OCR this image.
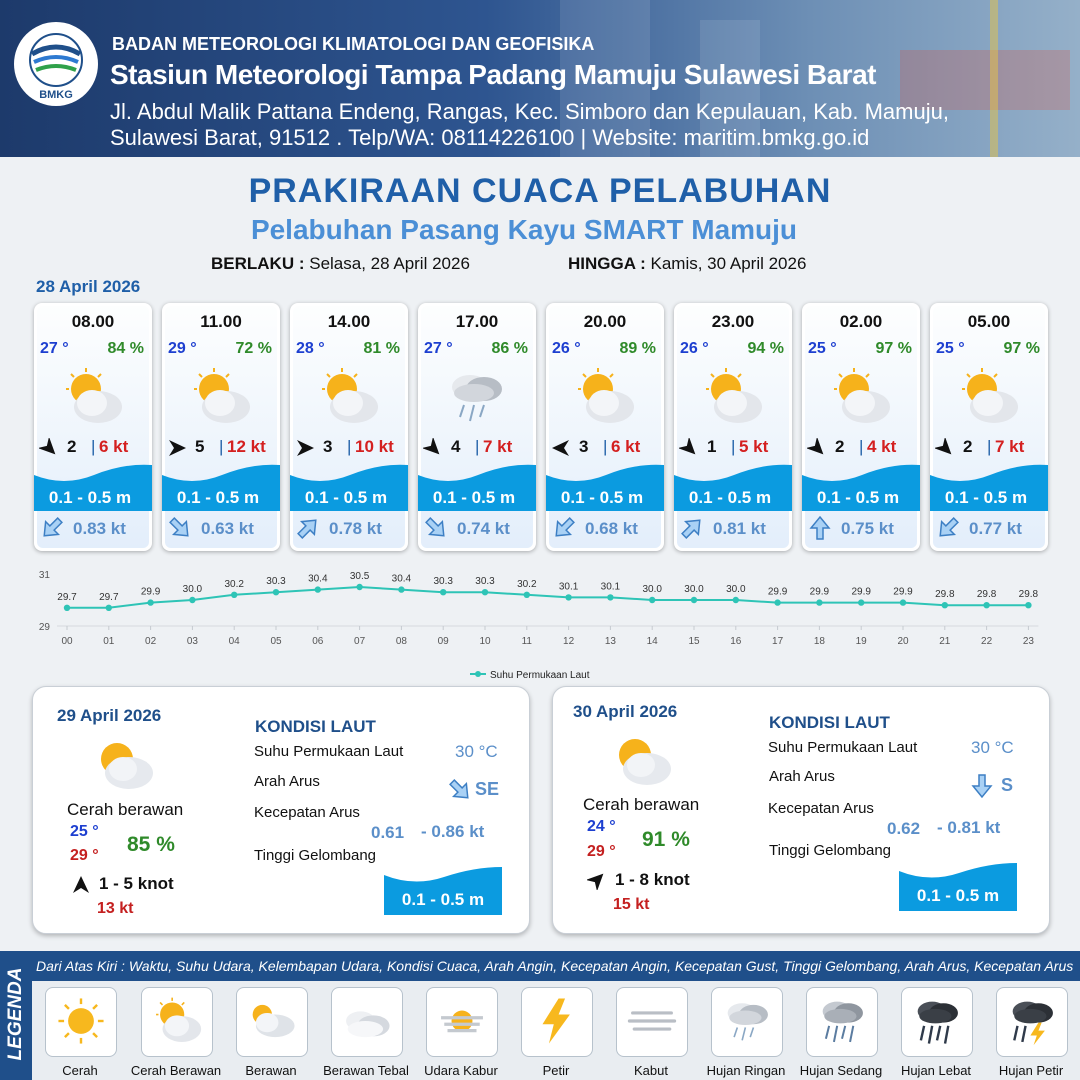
BMKG
BADAN METEOROLOGI KLIMATOLOGI DAN GEOFISIKA
Stasiun Meteorologi Tampa Padang Mamuju Sulawesi Barat
Jl. Abdul Malik Pattana Endeng, Rangas, Kec. Simboro dan Kepulauan, Kab. Mamuju,
Sulawesi Barat, 91512 . Telp/WA: 08114226100 | Website: maritim.bmkg.go.id
PRAKIRAAN CUACA PELABUHAN
Pelabuhan Pasang Kayu SMART Mamuju
BERLAKU : Selasa, 28 April 2026	HINGGA : Kamis, 30 April 2026
28 April 2026
08.00
27 ° 84 %
2 | 6 kt
0.1 - 0.5 m
0.83 kt
11.00
29 ° 72 %
5 | 12 kt
0.1 - 0.5 m
0.63 kt
14.00
28 ° 81 %
3 | 10 kt
0.1 - 0.5 m
0.78 kt
17.00
27 ° 86 %
4 | 7 kt
0.1 - 0.5 m
0.74 kt
20.00
26 ° 89 %
3 | 6 kt
0.1 - 0.5 m
0.68 kt
23.00
26 ° 94 %
1 | 5 kt
0.1 - 0.5 m
0.81 kt
02.00
25 ° 97 %
2 | 4 kt
0.1 - 0.5 m
0.75 kt
05.00
25 ° 97 %
2 | 7 kt
0.1 - 0.5 m
0.77 kt
31
29
29.7 29.7 29.9 30.0 30.2 30.3 30.4 30.5 30.4 30.3 30.3 30.2 30.1 30.1 30.0 30.0 30.0 29.9 29.9 29.9 29.9 29.8 29.8 29.8
00	01	02	03	04	05	06	07	08	09	10	11	12	13	14	15	16	17	18	19	20	21	22	23
Suhu Permukaan Laut
29 April 2026
Cerah berawan
25 °
29 ° 85 %
1 - 5 knot
13 kt
KONDISI LAUT
Suhu Permukaan Laut	30 °C
Arah Arus	SE
Kecepatan Arus
0.61 - 0.86 kt
Tinggi Gelombang
0.1 - 0.5 m
30 April 2026
Cerah berawan
24 °
29 °
91 %
1 - 8 knot
15 kt
KONDISI LAUT
Suhu Permukaan Laut	30 °C
Arah Arus	S
Kecepatan Arus
0.62 - 0.81 kt
Tinggi Gelombang
0.1 - 0.5 m
LEGENDA
Dari Atas Kiri : Waktu, Suhu Udara, Kelembapan Udara, Kondisi Cuaca, Arah Angin, Kecepatan Angin, Kecepatan Gust, Tinggi Gelombang, Arah Arus, Kecepatan Arus
Cerah	Cerah Berawan	Berawan	Berawan Tebal	Udara Kabur	Petir	Kabut	Hujan Ringan	Hujan Sedang	Hujan Lebat	Hujan Petir
